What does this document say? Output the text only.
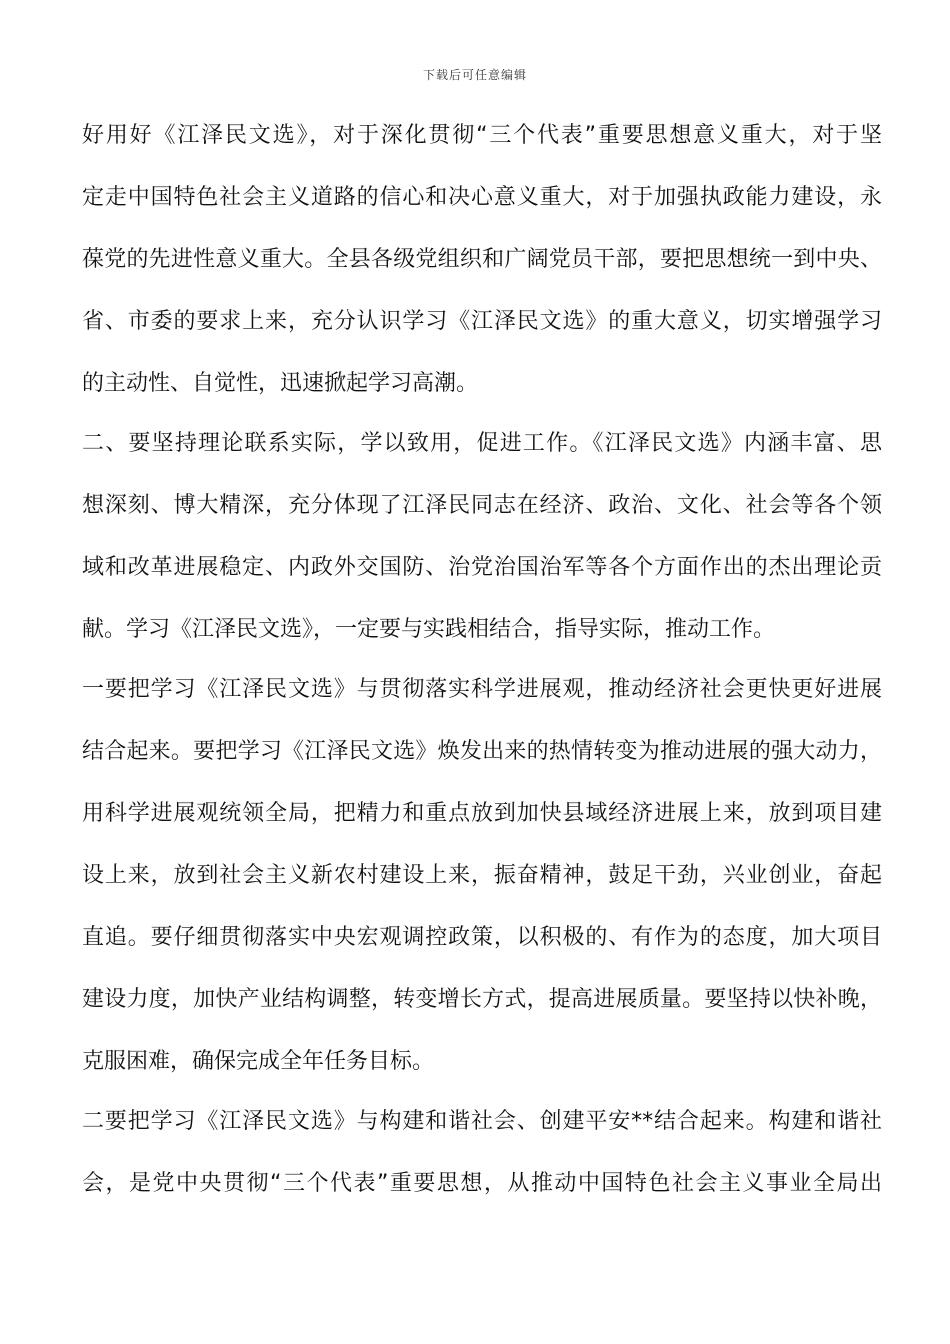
下载后可任意编辑
好用好《江泽民文选》，对于深化贯彻“三个代表”重要思想意义重大，对于坚
定走中国特色社会主义道路的信心和决心意义重大，对于加强执政能力建设，永
葆党的先进性意义重大。全县各级党组织和广阔党员干部，要把思想统一到中央、
省、市委的要求上来，充分认识学习《江泽民文选》的重大意义，切实增强学习
的主动性、自觉性，迅速掀起学习高潮。
二、要坚持理论联系实际，学以致用，促进工作。《江泽民文选》内涵丰富、思
想深刻、博大精深，充分体现了江泽民同志在经济、政治、文化、社会等各个领
域和改革进展稳定、内政外交国防、治党治国治军等各个方面作出的杰出理论贡
献。学习《江泽民文选》，一定要与实践相结合，指导实际，推动工作。
一要把学习《江泽民文选》与贯彻落实科学进展观，推动经济社会更快更好进展
结合起来。要把学习《江泽民文选》焕发出来的热情转变为推动进展的强大动力，
用科学进展观统领全局，把精力和重点放到加快县域经济进展上来，放到项目建
设上来，放到社会主义新农村建设上来，振奋精神，鼓足干劲，兴业创业，奋起
直追。要仔细贯彻落实中央宏观调控政策，以积极的、有作为的态度，加大项目
建设力度，加快产业结构调整，转变增长方式，提高进展质量。要坚持以快补晚，
克服困难，确保完成全年任务目标。
二要把学习《江泽民文选》与构建和谐社会、创建平安**结合起来。构建和谐社
会，是党中央贯彻“三个代表”重要思想，从推动中国特色社会主义事业全局出
